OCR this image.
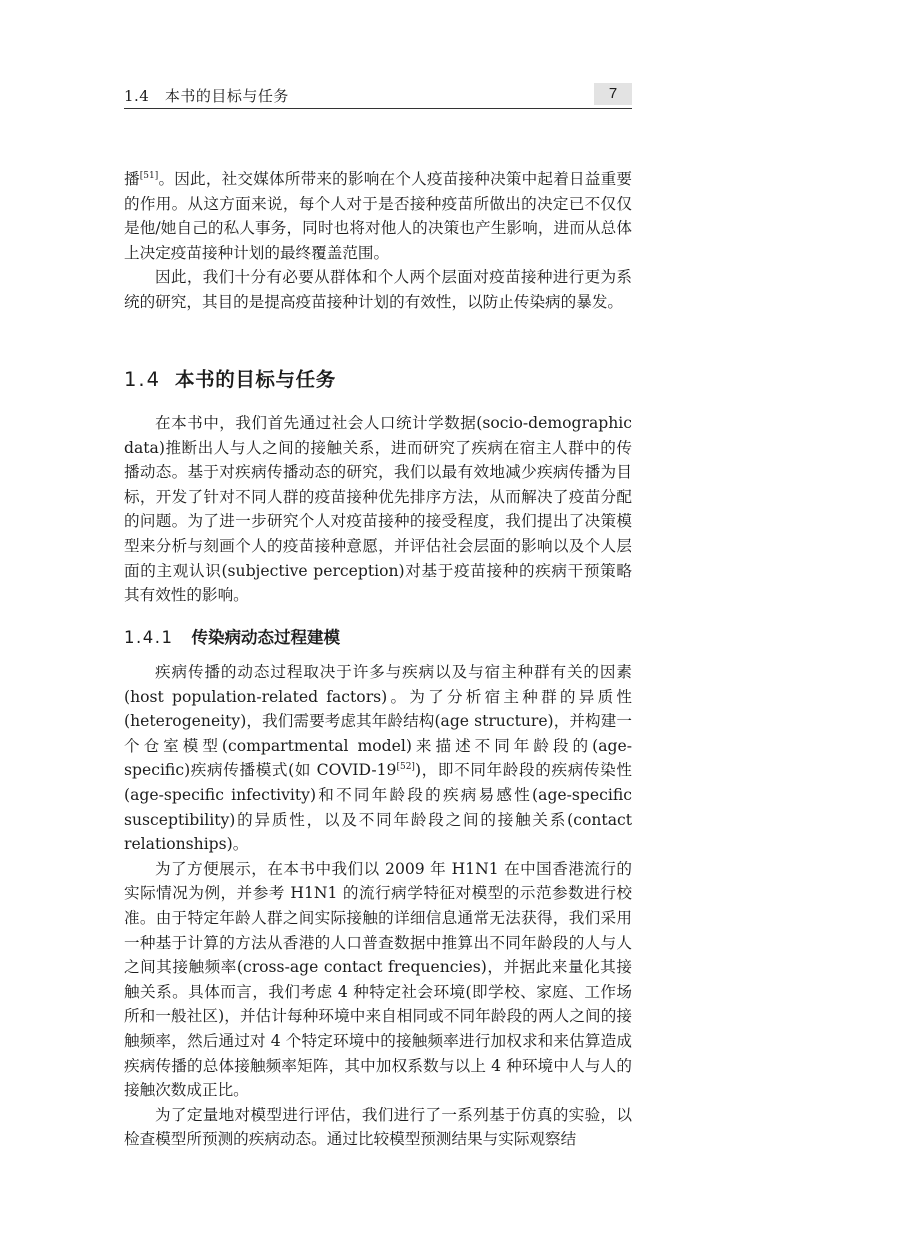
1.4　本书的目标与任务	7

播[51]。因此，社交媒体所带来的影响在个人疫苗接种决策中起着日益重要的作用。从这方面来说，每个人对于是否接种疫苗所做出的决定已不仅仅是他/她自己的私人事务，同时也将对他人的决策也产生影响，进而从总体上决定疫苗接种计划的最终覆盖范围。

因此，我们十分有必要从群体和个人两个层面对疫苗接种进行更为系统的研究，其目的是提高疫苗接种计划的有效性，以防止传染病的暴发。

1.4 本书的目标与任务

在本书中，我们首先通过社会人口统计学数据(socio-demographic data)推断出人与人之间的接触关系，进而研究了疾病在宿主人群中的传播动态。基于对疾病传播动态的研究，我们以最有效地减少疾病传播为目标，开发了针对不同人群的疫苗接种优先排序方法，从而解决了疫苗分配的问题。为了进一步研究个人对疫苗接种的接受程度，我们提出了决策模型来分析与刻画个人的疫苗接种意愿，并评估社会层面的影响以及个人层面的主观认识(subjective perception)对基于疫苗接种的疾病干预策略其有效性的影响。

1.4.1 传染病动态过程建模

疾病传播的动态过程取决于许多与疾病以及与宿主种群有关的因素(host population-related factors)。为了分析宿主种群的异质性(heterogeneity)，我们需要考虑其年龄结构(age structure)，并构建一个仓室模型(compartmental model)来描述不同年龄段的(age-specific)疾病传播模式(如 COVID-19[52])，即不同年龄段的疾病传染性(age-specific infectivity)和不同年龄段的疾病易感性(age-specific susceptibility)的异质性，以及不同年龄段之间的接触关系(contact relationships)。

为了方便展示，在本书中我们以 2009 年 H1N1 在中国香港流行的实际情况为例，并参考 H1N1 的流行病学特征对模型的示范参数进行校准。由于特定年龄人群之间实际接触的详细信息通常无法获得，我们采用一种基于计算的方法从香港的人口普查数据中推算出不同年龄段的人与人之间其接触频率(cross-age contact frequencies)，并据此来量化其接触关系。具体而言，我们考虑 4 种特定社会环境(即学校、家庭、工作场所和一般社区)，并估计每种环境中来自相同或不同年龄段的两人之间的接触频率，然后通过对 4 个特定环境中的接触频率进行加权求和来估算造成疾病传播的总体接触频率矩阵，其中加权系数与以上 4 种环境中人与人的接触次数成正比。

为了定量地对模型进行评估，我们进行了一系列基于仿真的实验，以检查模型所预测的疾病动态。通过比较模型预测结果与实际观察结
